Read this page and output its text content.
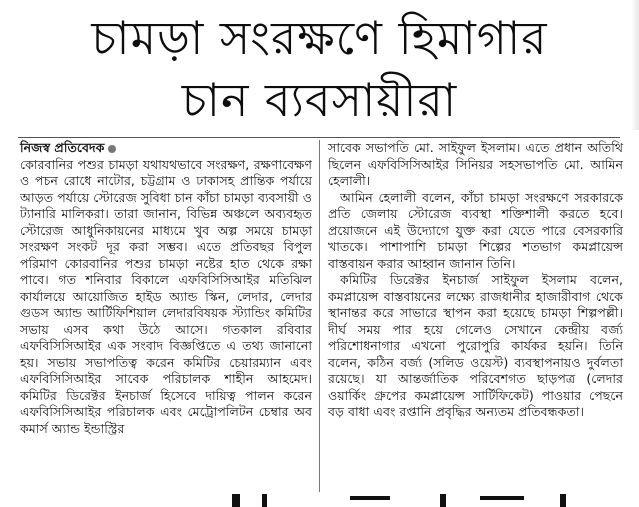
চামড়া সংরক্ষণে হিমাগার
চান ব্যবসায়ীরা

নিজস্ব প্রতিবেদক

কোরবানির পশুর চামড়া যথাযথভাবে সংরক্ষণ, রক্ষণাবেক্ষণ ও পচন রোধে নাটোর, চট্টগ্রাম ও ঢাকাসহ প্রান্তিক পর্যায়ে আড়ত পর্যায়ে স্টোরেজ সুবিধা চান কাঁচা চামড়া ব্যবসায়ী ও ট্যানারি মালিকরা। তারা জানান, বিভিন্ন অঞ্চলে অব্যবহৃত স্টোরেজ আধুনিকায়নের মাধ্যমে খুব অল্প সময়ে চামড়া সংরক্ষণ সংকট দূর করা সম্ভব। এতে প্রতিবছর বিপুল পরিমাণ কোরবানির পশুর চামড়া নষ্টের হাত থেকে রক্ষা পাবে। গত শনিবার বিকালে এফবিসিসিআইর মতিঝিল কার্যালয়ে আয়োজিত হাইড অ্যান্ড স্কিন, লেদার, লেদার গুডস অ্যান্ড আর্টিফিশিয়াল লেদারবিষয়ক স্ট্যান্ডিং কমিটির সভায় এসব কথা উঠে আসে। গতকাল রবিবার এফবিসিসিআইর এক সংবাদ বিজ্ঞপ্তিতে এ তথ্য জানানো হয়। সভায় সভাপতিত্ব করেন কমিটির চেয়ারম্যান এবং এফবিসিসিআইর সাবেক পরিচালক শাহীন আহমেদ। কমিটির ডিরেক্টর ইনচার্জ হিসেবে দায়িত্ব পালন করেন এফবিসিসিআইর পরিচালক এবং মেট্রোপলিটন চেম্বার অব কমার্স অ্যান্ড ইন্ডাস্ট্রির

সাবেক সভাপতি মো. সাইফুল ইসলাম। এতে প্রধান অতিথি ছিলেন এফবিসিসিআইর সিনিয়র সহসভাপতি মো. আমিন হেলালী।

আমিন হেলালী বলেন, কাঁচা চামড়া সংরক্ষণে সরকারকে প্রতি জেলায় স্টোরেজ ব্যবস্থা শক্তিশালী করতে হবে। প্রয়োজনে এই উদ্যোগে যুক্ত করা যেতে পারে বেসরকারি খাতকে। পাশাপাশি চামড়া শিল্পের শতভাগ কমপ্লায়েন্স বাস্তবায়ন করার আহ্বান জানান তিনি।

কমিটির ডিরেক্টর ইনচার্জ সাইফুল ইসলাম বলেন, কমপ্লায়েন্স বাস্তবায়নের লক্ষ্যে রাজধানীর হাজারীবাগ থেকে স্থানান্তর করে সাভারে স্থাপন করা হয়েছে চামড়া শিল্পপল্লী। দীর্ঘ সময় পার হয়ে গেলেও সেখানে কেন্দ্রীয় বর্জ্য পরিশোধনাগার এখনো পুরোপুরি কার্যকর হয়নি। তিনি বলেন, কঠিন বর্জ্য (সলিড ওয়েস্ট) ব্যবস্থাপনায়ও দুর্বলতা রয়েছে। যা আন্তর্জাতিক পরিবেশগত ছাড়পত্র (লেদার ওয়ার্কিং গ্রুপের কমপ্লায়েন্স সার্টিফিকেট) পাওয়ার পেছনে বড় বাধা এবং রপ্তানি প্রবৃদ্ধির অন্যতম প্রতিবন্ধকতা।
